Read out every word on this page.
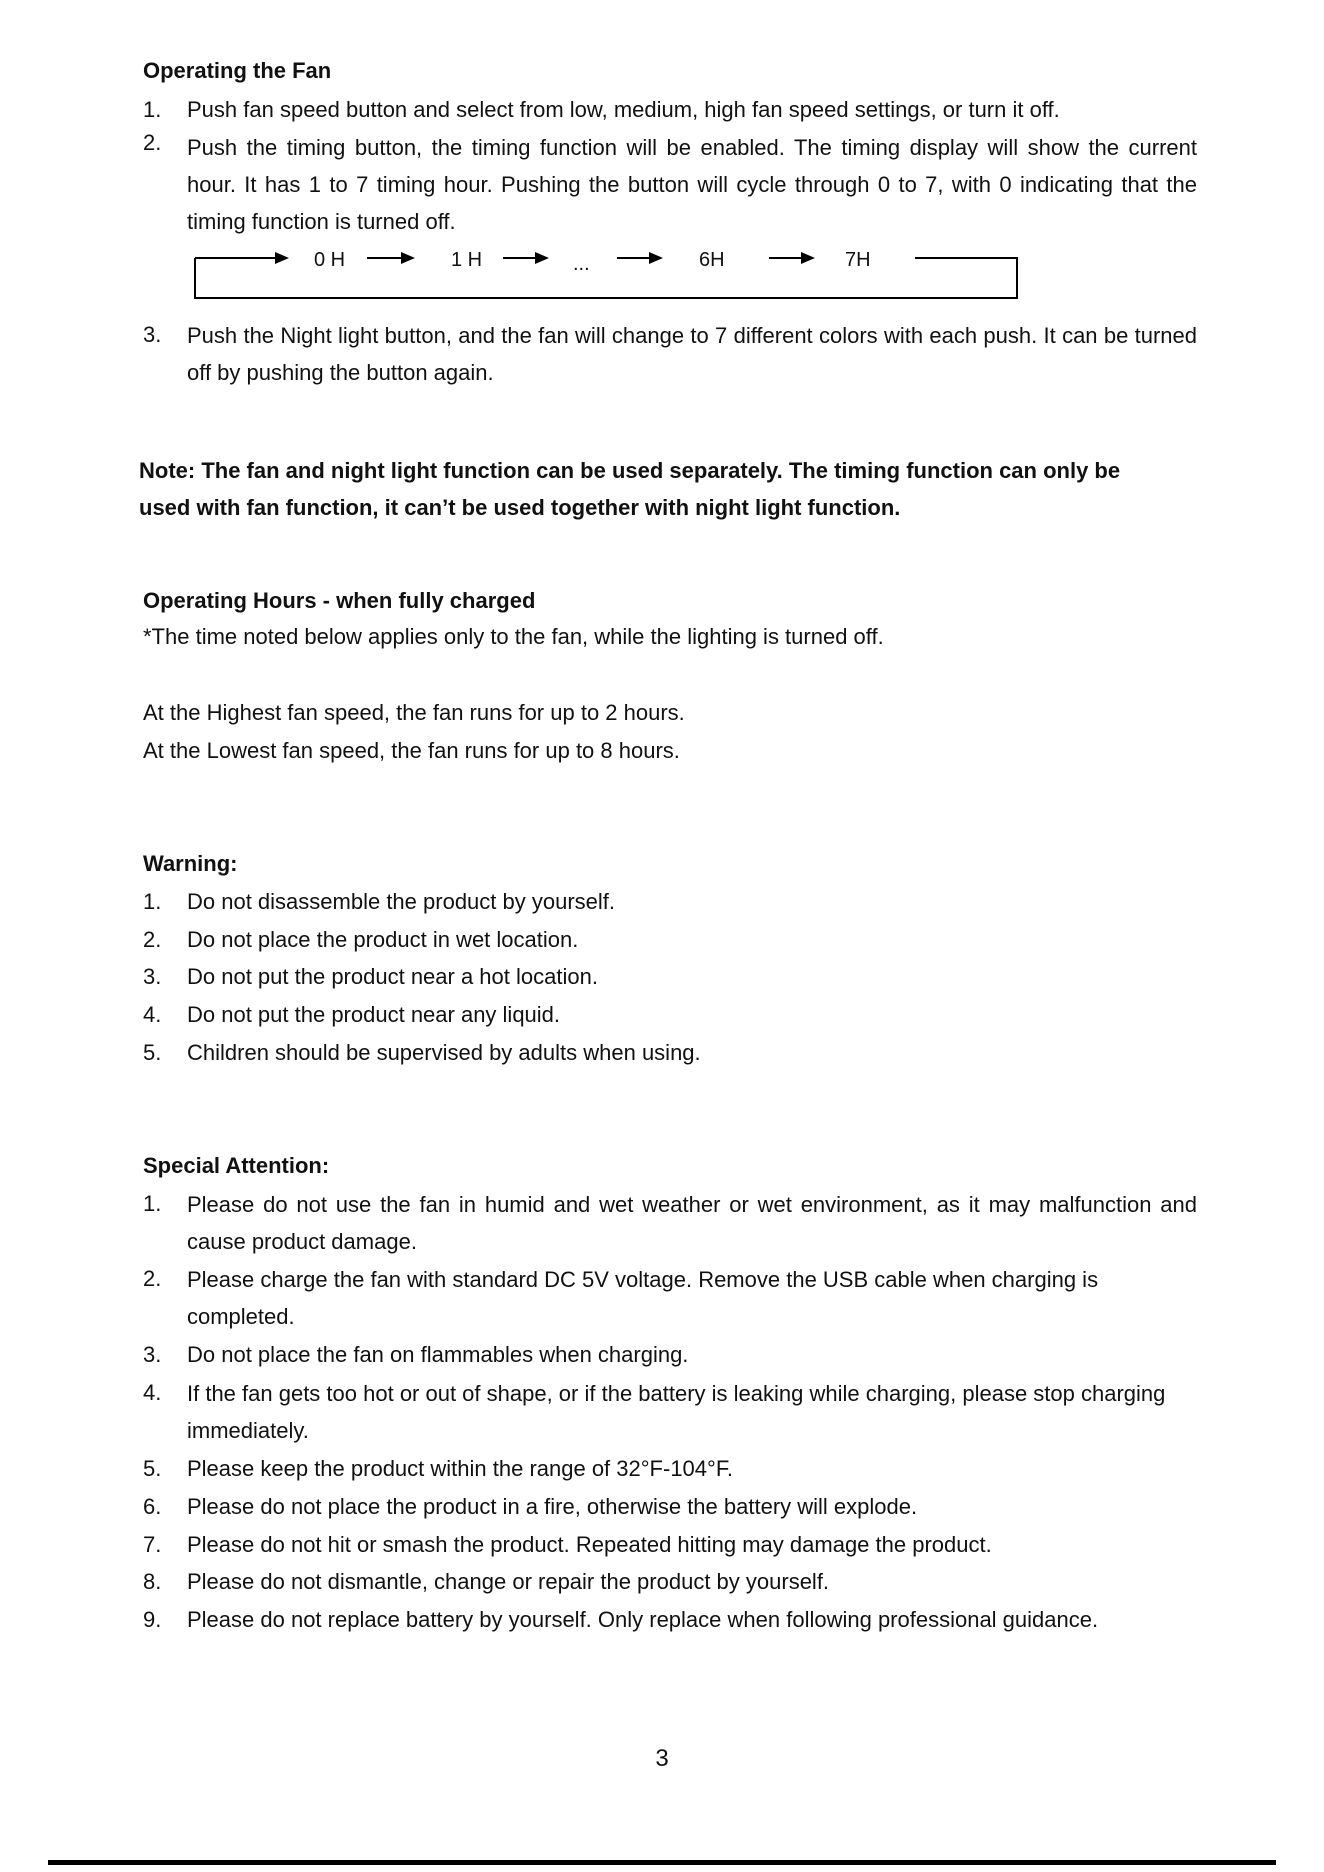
Operating the Fan
1.	Push fan speed button and select from low, medium, high fan speed settings, or turn it off.
2.	Push the timing button, the timing function will be enabled. The timing display will show the current hour. It has 1 to 7 timing hour. Pushing the button will cycle through 0 to 7, with 0 indicating that the timing function is turned off.
0 H	1 H	...	6H	7H
3.	Push the Night light button, and the fan will change to 7 different colors with each push. It can be turned off by pushing the button again.
Note: The fan and night light function can be used separately. The timing function can only be used with fan function, it can’t be used together with night light function.
Operating Hours - when fully charged
*The time noted below applies only to the fan, while the lighting is turned off.
At the Highest fan speed, the fan runs for up to 2 hours.
At the Lowest fan speed, the fan runs for up to 8 hours.
Warning:
1.	Do not disassemble the product by yourself.
2.	Do not place the product in wet location.
3.	Do not put the product near a hot location.
4.	Do not put the product near any liquid.
5.	Children should be supervised by adults when using.
Special Attention:
1.	Please do not use the fan in humid and wet weather or wet environment, as it may malfunction and cause product damage.
2.	Please charge the fan with standard DC 5V voltage. Remove the USB cable when charging is completed.
3.	Do not place the fan on flammables when charging.
4.	If the fan gets too hot or out of shape, or if the battery is leaking while charging, please stop charging immediately.
5.	Please keep the product within the range of 32°F-104°F.
6.	Please do not place the product in a fire, otherwise the battery will explode.
7.	Please do not hit or smash the product. Repeated hitting may damage the product.
8.	Please do not dismantle, change or repair the product by yourself.
9.	Please do not replace battery by yourself. Only replace when following professional guidance.
3
